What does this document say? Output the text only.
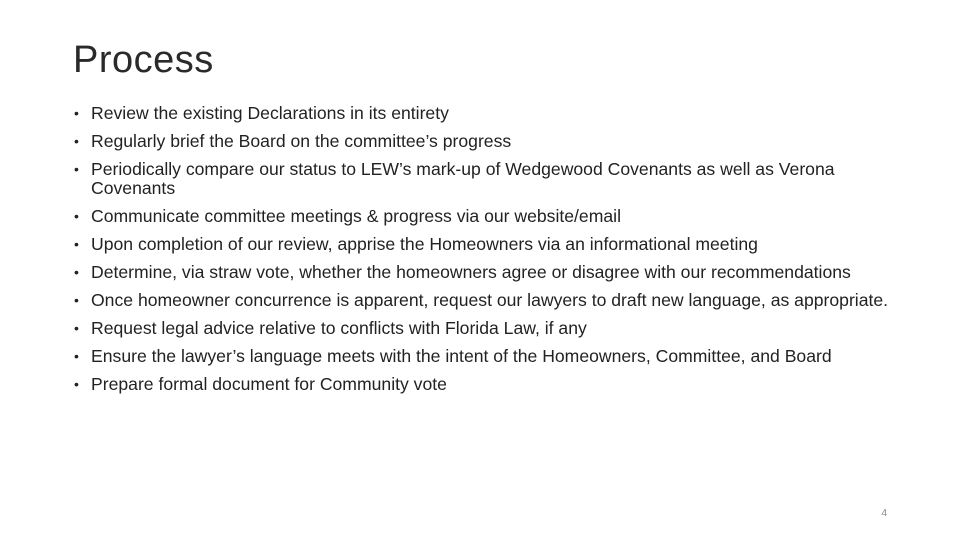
Process
• Review the existing Declarations in its entirety
• Regularly brief the Board on the committee’s progress
• Periodically compare our status to LEW’s mark-up of Wedgewood Covenants as well as Verona Covenants
• Communicate committee meetings & progress via our website/email
• Upon completion of our review, apprise the Homeowners via an informational meeting
• Determine, via straw vote, whether the homeowners agree or disagree with our recommendations
• Once homeowner concurrence is apparent, request our lawyers to draft new language, as appropriate.
• Request legal advice relative to conflicts with Florida Law, if any
• Ensure the lawyer’s language meets with the intent of the Homeowners, Committee, and Board
• Prepare formal document for Community vote
4
